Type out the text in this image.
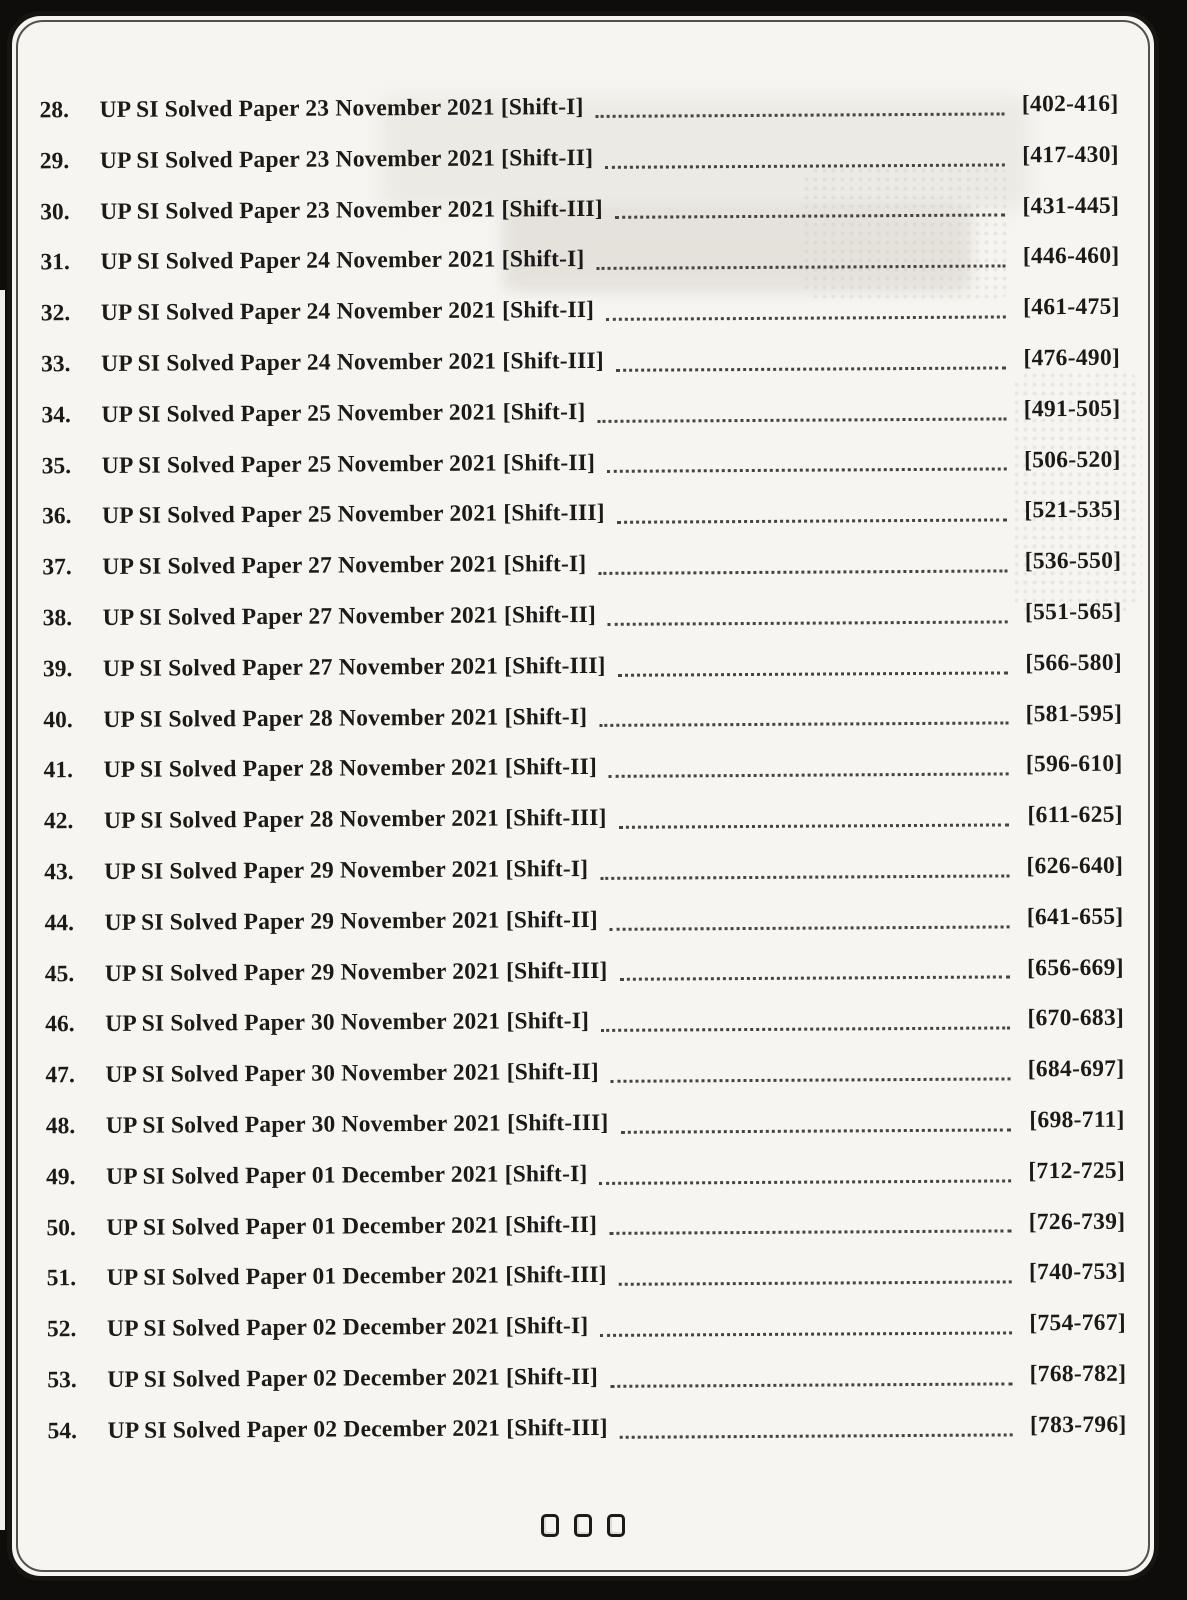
28.	UP SI Solved Paper 23 November 2021 [Shift-I]	[402-416]
29.	UP SI Solved Paper 23 November 2021 [Shift-II]	[417-430]
30.	UP SI Solved Paper 23 November 2021 [Shift-III]	[431-445]
31.	UP SI Solved Paper 24 November 2021 [Shift-I]	[446-460]
32.	UP SI Solved Paper 24 November 2021 [Shift-II]	[461-475]
33.	UP SI Solved Paper 24 November 2021 [Shift-III]	[476-490]
34.	UP SI Solved Paper 25 November 2021 [Shift-I]	[491-505]
35.	UP SI Solved Paper 25 November 2021 [Shift-II]	[506-520]
36.	UP SI Solved Paper 25 November 2021 [Shift-III]	[521-535]
37.	UP SI Solved Paper 27 November 2021 [Shift-I]	[536-550]
38.	UP SI Solved Paper 27 November 2021 [Shift-II]	[551-565]
39.	UP SI Solved Paper 27 November 2021 [Shift-III]	[566-580]
40.	UP SI Solved Paper 28 November 2021 [Shift-I]	[581-595]
41.	UP SI Solved Paper 28 November 2021 [Shift-II]	[596-610]
42.	UP SI Solved Paper 28 November 2021 [Shift-III]	[611-625]
43.	UP SI Solved Paper 29 November 2021 [Shift-I]	[626-640]
44.	UP SI Solved Paper 29 November 2021 [Shift-II]	[641-655]
45.	UP SI Solved Paper 29 November 2021 [Shift-III]	[656-669]
46.	UP SI Solved Paper 30 November 2021 [Shift-I]	[670-683]
47.	UP SI Solved Paper 30 November 2021 [Shift-II]	[684-697]
48.	UP SI Solved Paper 30 November 2021 [Shift-III]	[698-711]
49.	UP SI Solved Paper 01 December 2021 [Shift-I]	[712-725]
50.	UP SI Solved Paper 01 December 2021 [Shift-II]	[726-739]
51.	UP SI Solved Paper 01 December 2021 [Shift-III]	[740-753]
52.	UP SI Solved Paper 02 December 2021 [Shift-I]	[754-767]
53.	UP SI Solved Paper 02 December 2021 [Shift-II]	[768-782]
54.	UP SI Solved Paper 02 December 2021 [Shift-III]	[783-796]
